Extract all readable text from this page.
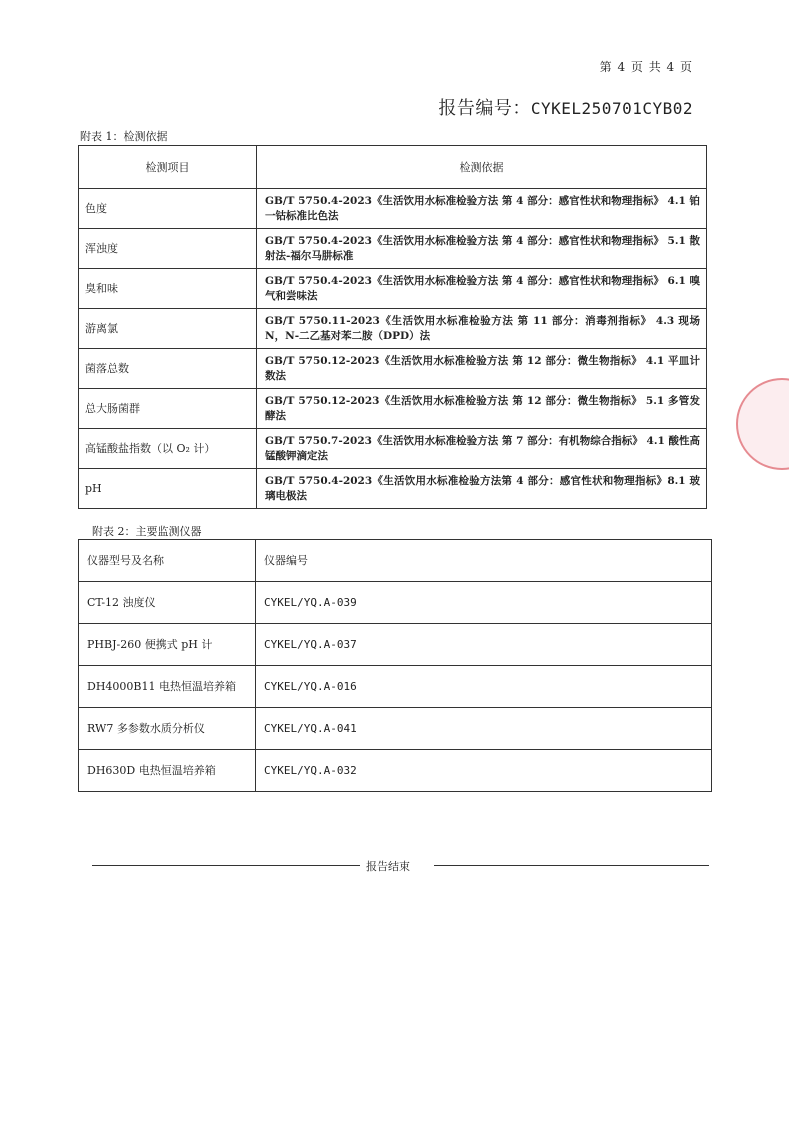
第 4 页 共 4 页
报告编号：CYKEL250701CYB02
附表 1：检测依据
检测项目	检测依据
色度	GB/T 5750.4-2023《生活饮用水标准检验方法 第 4 部分：感官性状和物理指标》 4.1 铂一钴标准比色法
浑浊度	GB/T 5750.4-2023《生活饮用水标准检验方法 第 4 部分：感官性状和物理指标》 5.1 散射法-福尔马肼标准
臭和味	GB/T 5750.4-2023《生活饮用水标准检验方法 第 4 部分：感官性状和物理指标》 6.1 嗅气和尝味法
游离氯	GB/T 5750.11-2023《生活饮用水标准检验方法 第 11 部分：消毒剂指标》 4.3 现场 N，N-二乙基对苯二胺（DPD）法
菌落总数	GB/T 5750.12-2023《生活饮用水标准检验方法 第 12 部分：微生物指标》 4.1 平皿计数法
总大肠菌群	GB/T 5750.12-2023《生活饮用水标准检验方法 第 12 部分：微生物指标》 5.1 多管发酵法
高锰酸盐指数（以 O₂ 计）	GB/T 5750.7-2023《生活饮用水标准检验方法 第 7 部分：有机物综合指标》 4.1 酸性高锰酸钾滴定法
pH	GB/T 5750.4-2023《生活饮用水标准检验方法第 4 部分：感官性状和物理指标》8.1 玻璃电极法
附表 2：主要监测仪器
仪器型号及名称	仪器编号
CT-12 浊度仪	CYKEL/YQ.A-039
PHBJ-260 便携式 pH 计	CYKEL/YQ.A-037
DH4000B11 电热恒温培养箱	CYKEL/YQ.A-016
RW7 多参数水质分析仪	CYKEL/YQ.A-041
DH630D 电热恒温培养箱	CYKEL/YQ.A-032
报告结束
